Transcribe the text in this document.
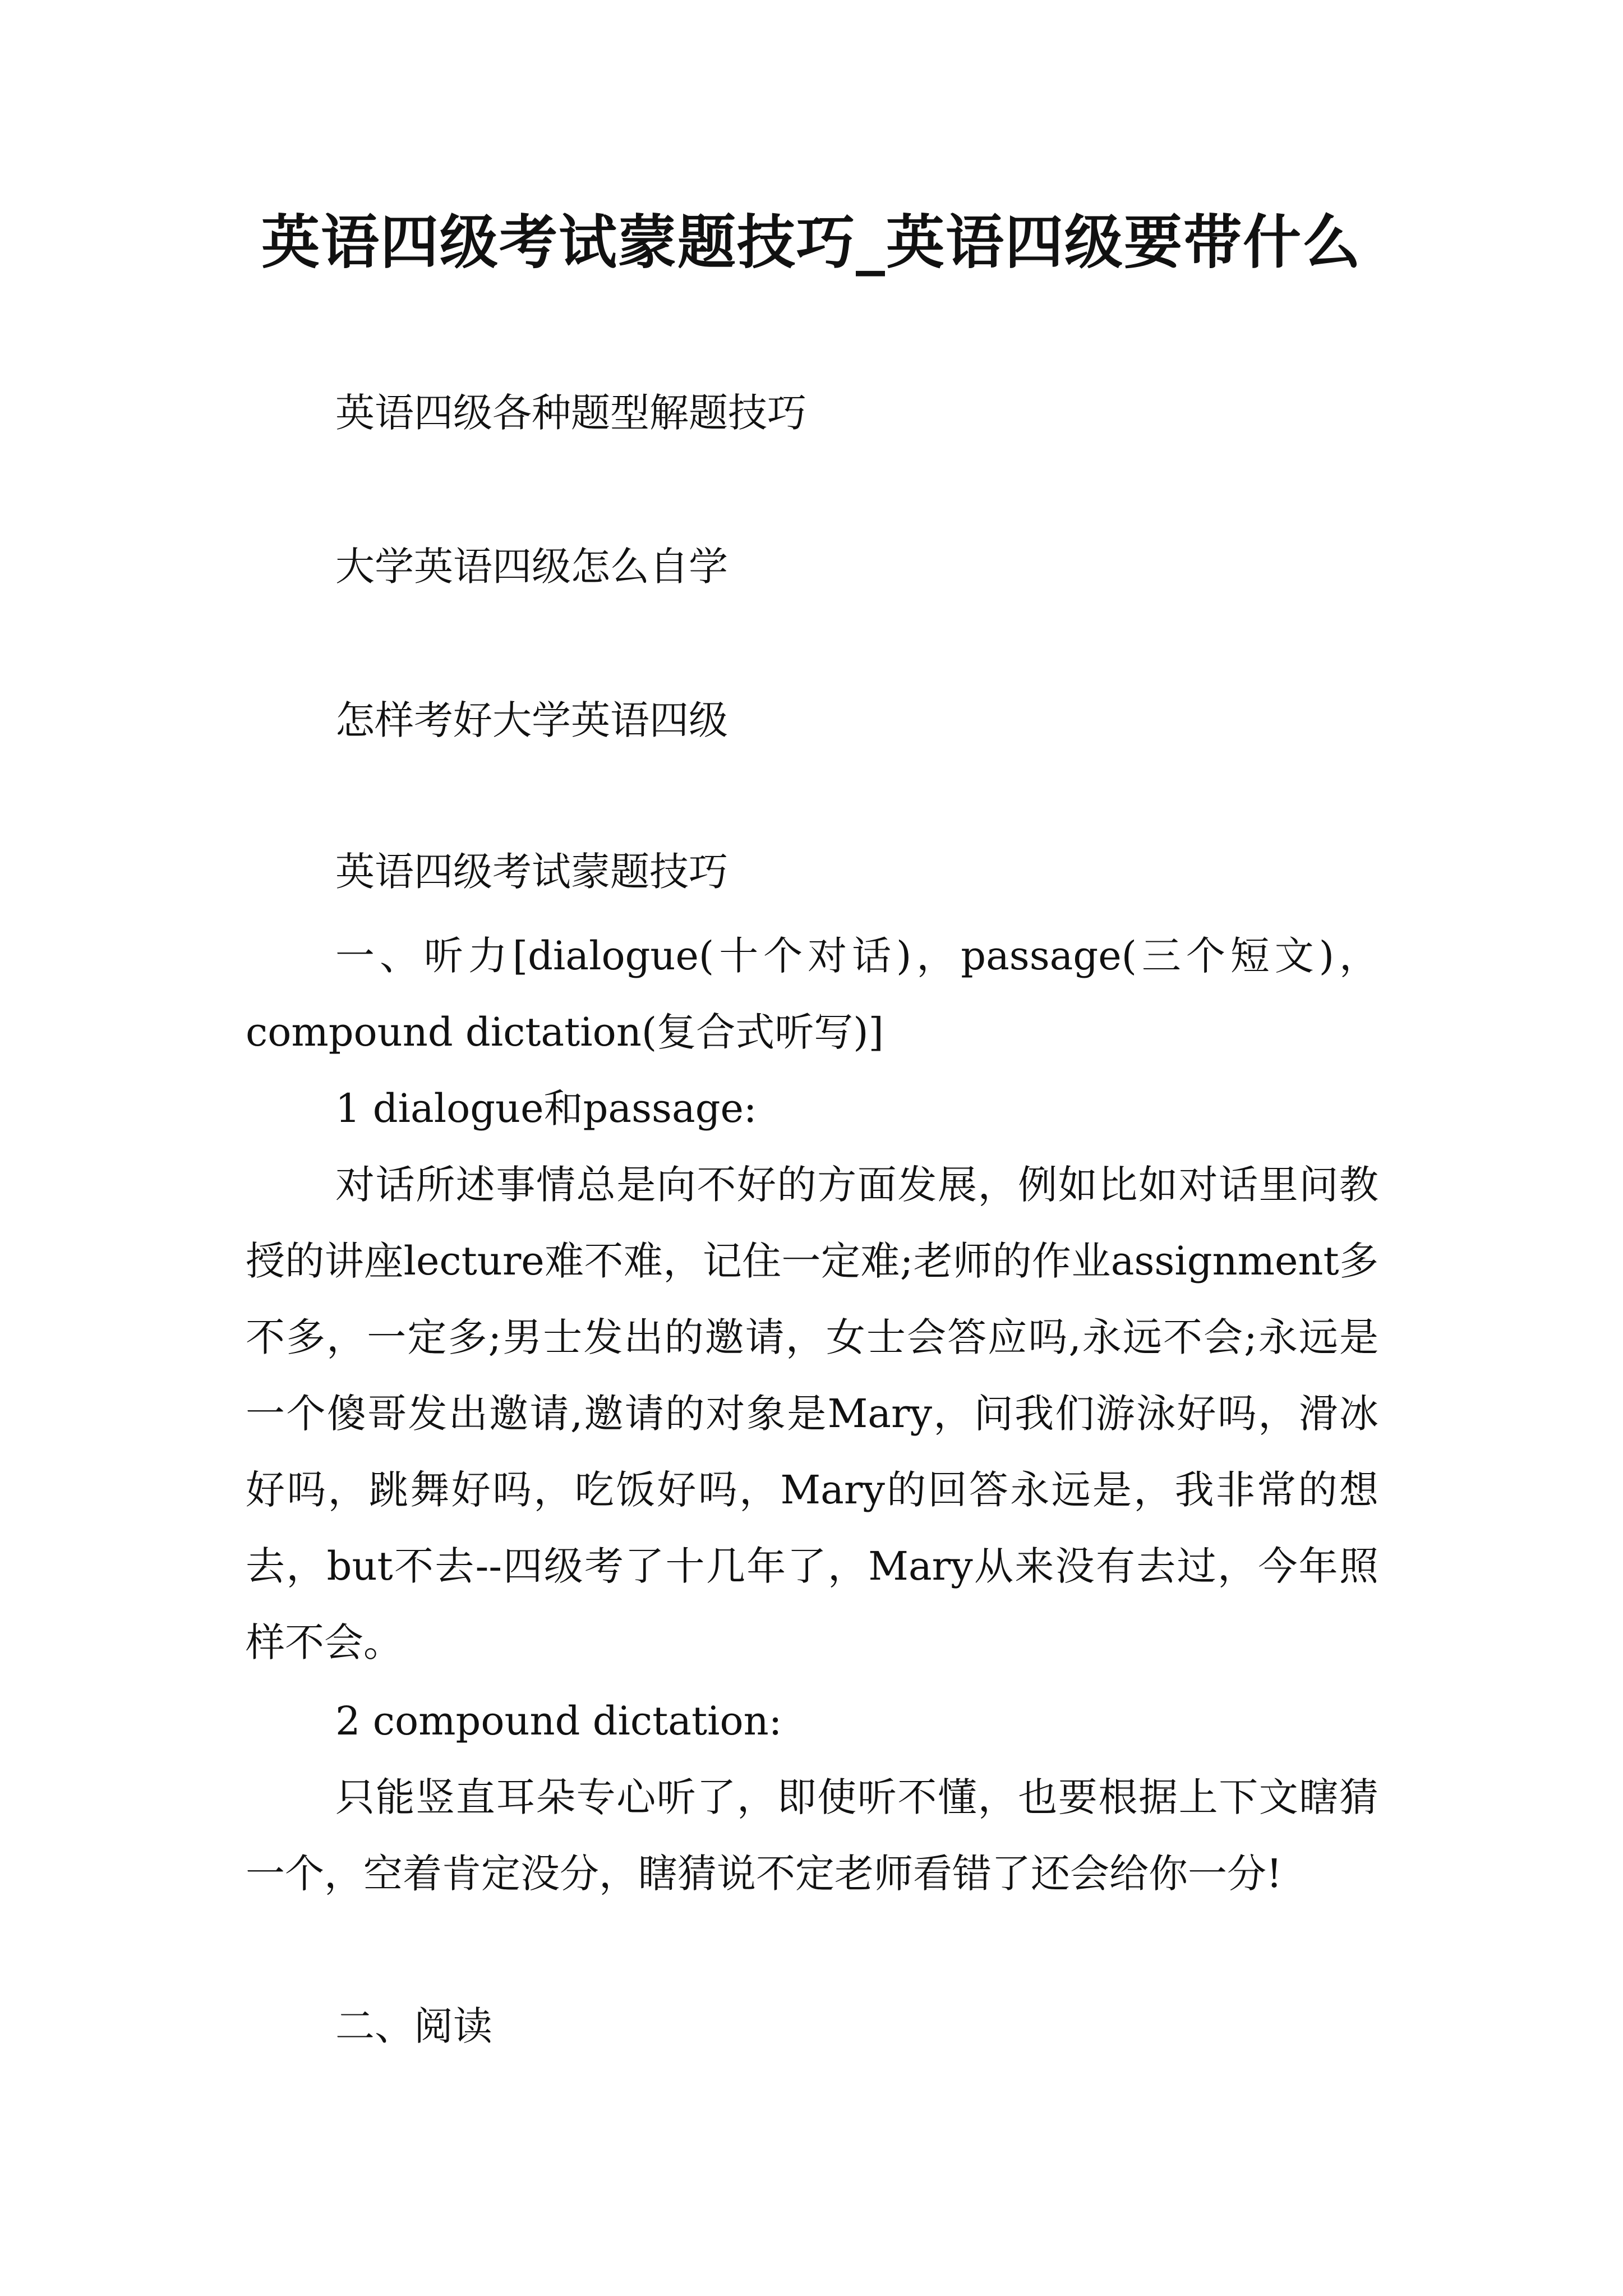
英语四级考试蒙题技巧_英语四级要带什么
英语四级各种题型解题技巧
大学英语四级怎么自学
怎样考好大学英语四级
英语四级考试蒙题技巧
一、听力[dialogue(十个对话)，passage(三个短文)，compound dictation(复合式听写)]
1 dialogue和passage:
对话所述事情总是向不好的方面发展，例如比如对话里问教授的讲座lecture难不难，记住一定难;老师的作业assignment多不多，一定多;男士发出的邀请，女士会答应吗,永远不会;永远是一个傻哥发出邀请,邀请的对象是Mary，问我们游泳好吗，滑冰好吗，跳舞好吗，吃饭好吗，Mary的回答永远是，我非常的想去，but不去--四级考了十几年了，Mary从来没有去过，今年照样不会。
2 compound dictation:
只能竖直耳朵专心听了，即使听不懂，也要根据上下文瞎猜一个，空着肯定没分，瞎猜说不定老师看错了还会给你一分!
二、阅读
